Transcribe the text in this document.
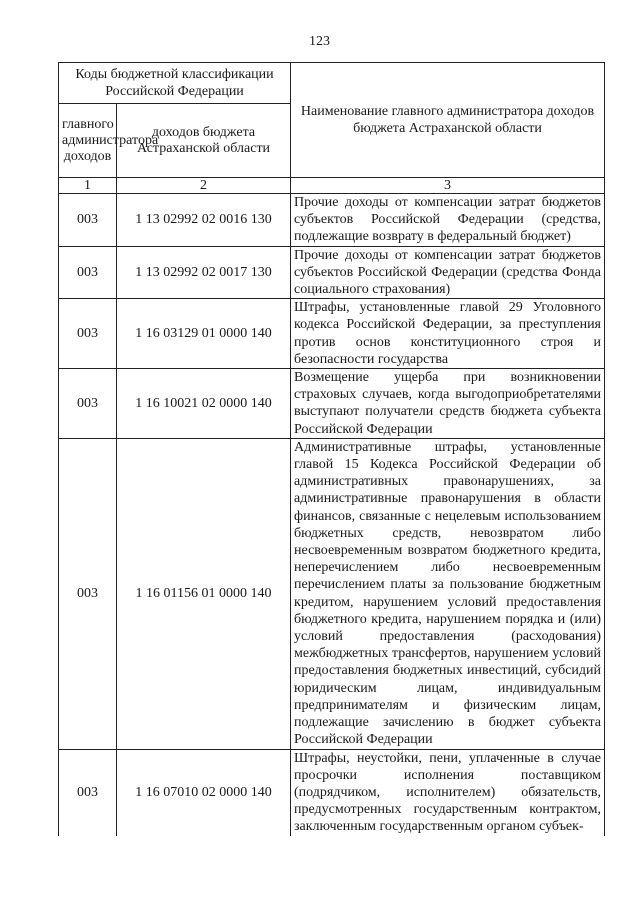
123
Коды бюджетной классификации Российской Федерации		Наименование главного администратора доходов бюджета Астраханской области
главного администратора доходов	доходов бюджета Астраханской области	
1	2	3
003	1 13 02992 02 0016 130	Прочие доходы от компенсации затрат бюджетов субъектов Российской Федерации (средства, подлежащие возврату в федеральный бюджет)
003	1 13 02992 02 0017 130	Прочие доходы от компенсации затрат бюджетов субъектов Российской Федерации (средства Фонда социального страхования)
003	1 16 03129 01 0000 140	Штрафы, установленные главой 29 Уголовного кодекса Российской Федерации, за преступления против основ конституционного строя и безопасности государства
003	1 16 10021 02 0000 140	Возмещение ущерба при возникновении страховых случаев, когда выгодоприобретателями выступают получатели средств бюджета субъекта Российской Федерации
003	1 16 01156 01 0000 140	Административные штрафы, установленные главой 15 Кодекса Российской Федерации об административных правонарушениях, за административные правонарушения в области финансов, связанные с нецелевым использованием бюджетных средств, невозвратом либо несвоевременным возвратом бюджетного кредита, неперечислением либо несвоевременным перечислением платы за пользование бюджетным кредитом, нарушением условий предоставления бюджетного кредита, нарушением порядка и (или) условий предоставления (расходования) межбюджетных трансфертов, нарушением условий предоставления бюджетных инвестиций, субсидий юридическим лицам, индивидуальным предпринимателям и физическим лицам, подлежащие зачислению в бюджет субъекта Российской Федерации
003	1 16 07010 02 0000 140	Штрафы, неустойки, пени, уплаченные в случае просрочки исполнения поставщиком (подрядчиком, исполнителем) обязательств, предусмотренных государственным контрактом, заключенным государственным органом субъек-
